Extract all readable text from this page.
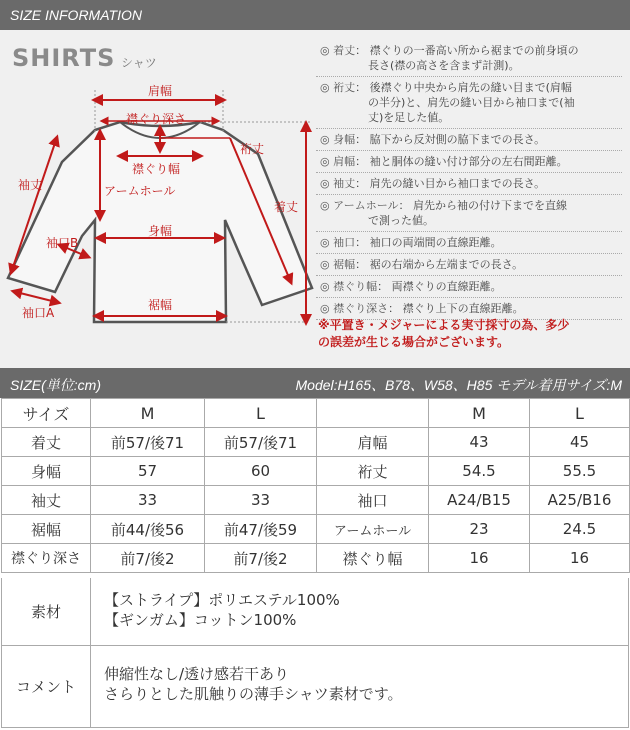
SIZE INFORMATION
SHIRTS シャツ
肩幅
襟ぐり深さ
襟ぐり幅
裄丈
袖丈	アームホール
着丈
袖口B
身幅
袖口A
裾幅
◎ 着丈： 襟ぐりの一番高い所から裾までの前身頃の
長さ(襟の高さを含まず計測)。
◎ 裄丈： 後襟ぐり中央から肩先の縫い目まで(肩幅
の半分)と、肩先の縫い目から袖口まで(袖
丈)を足した値。
◎ 身幅： 脇下から反対側の脇下までの長さ。
◎ 肩幅： 袖と胴体の縫い付け部分の左右間距離。
◎ 袖丈： 肩先の縫い目から袖口までの長さ。
◎ アームホール： 肩先から袖の付け下までを直線
で測った値。
◎ 袖口： 袖口の両端間の直線距離。
◎ 裾幅： 裾の右端から左端までの長さ。
◎ 襟ぐり幅： 両襟ぐりの直線距離。
◎ 襟ぐり深さ： 襟ぐり上下の直線距離。
※平置き・メジャーによる実寸採寸の為、多少
の誤差が生じる場合がございます。
SIZE(単位:cm)	Model:H165、B78、W58、H85 モデル着用サイズ:M
サイズ	M	L		M	L
着丈	前57/後71	前57/後71	肩幅	43	45
身幅	57	60	裄丈	54.5	55.5
袖丈	33	33	袖口	A24/B15	A25/B16
裾幅	前44/後56	前47/後59	アームホール	23	24.5
襟ぐり深さ	前7/後2	前7/後2	襟ぐり幅	16	16
素材
【ストライプ】ポリエステル100%
【ギンガム】コットン100%
コメント
伸縮性なし/透け感若干あり
さらりとした肌触りの薄手シャツ素材です。
